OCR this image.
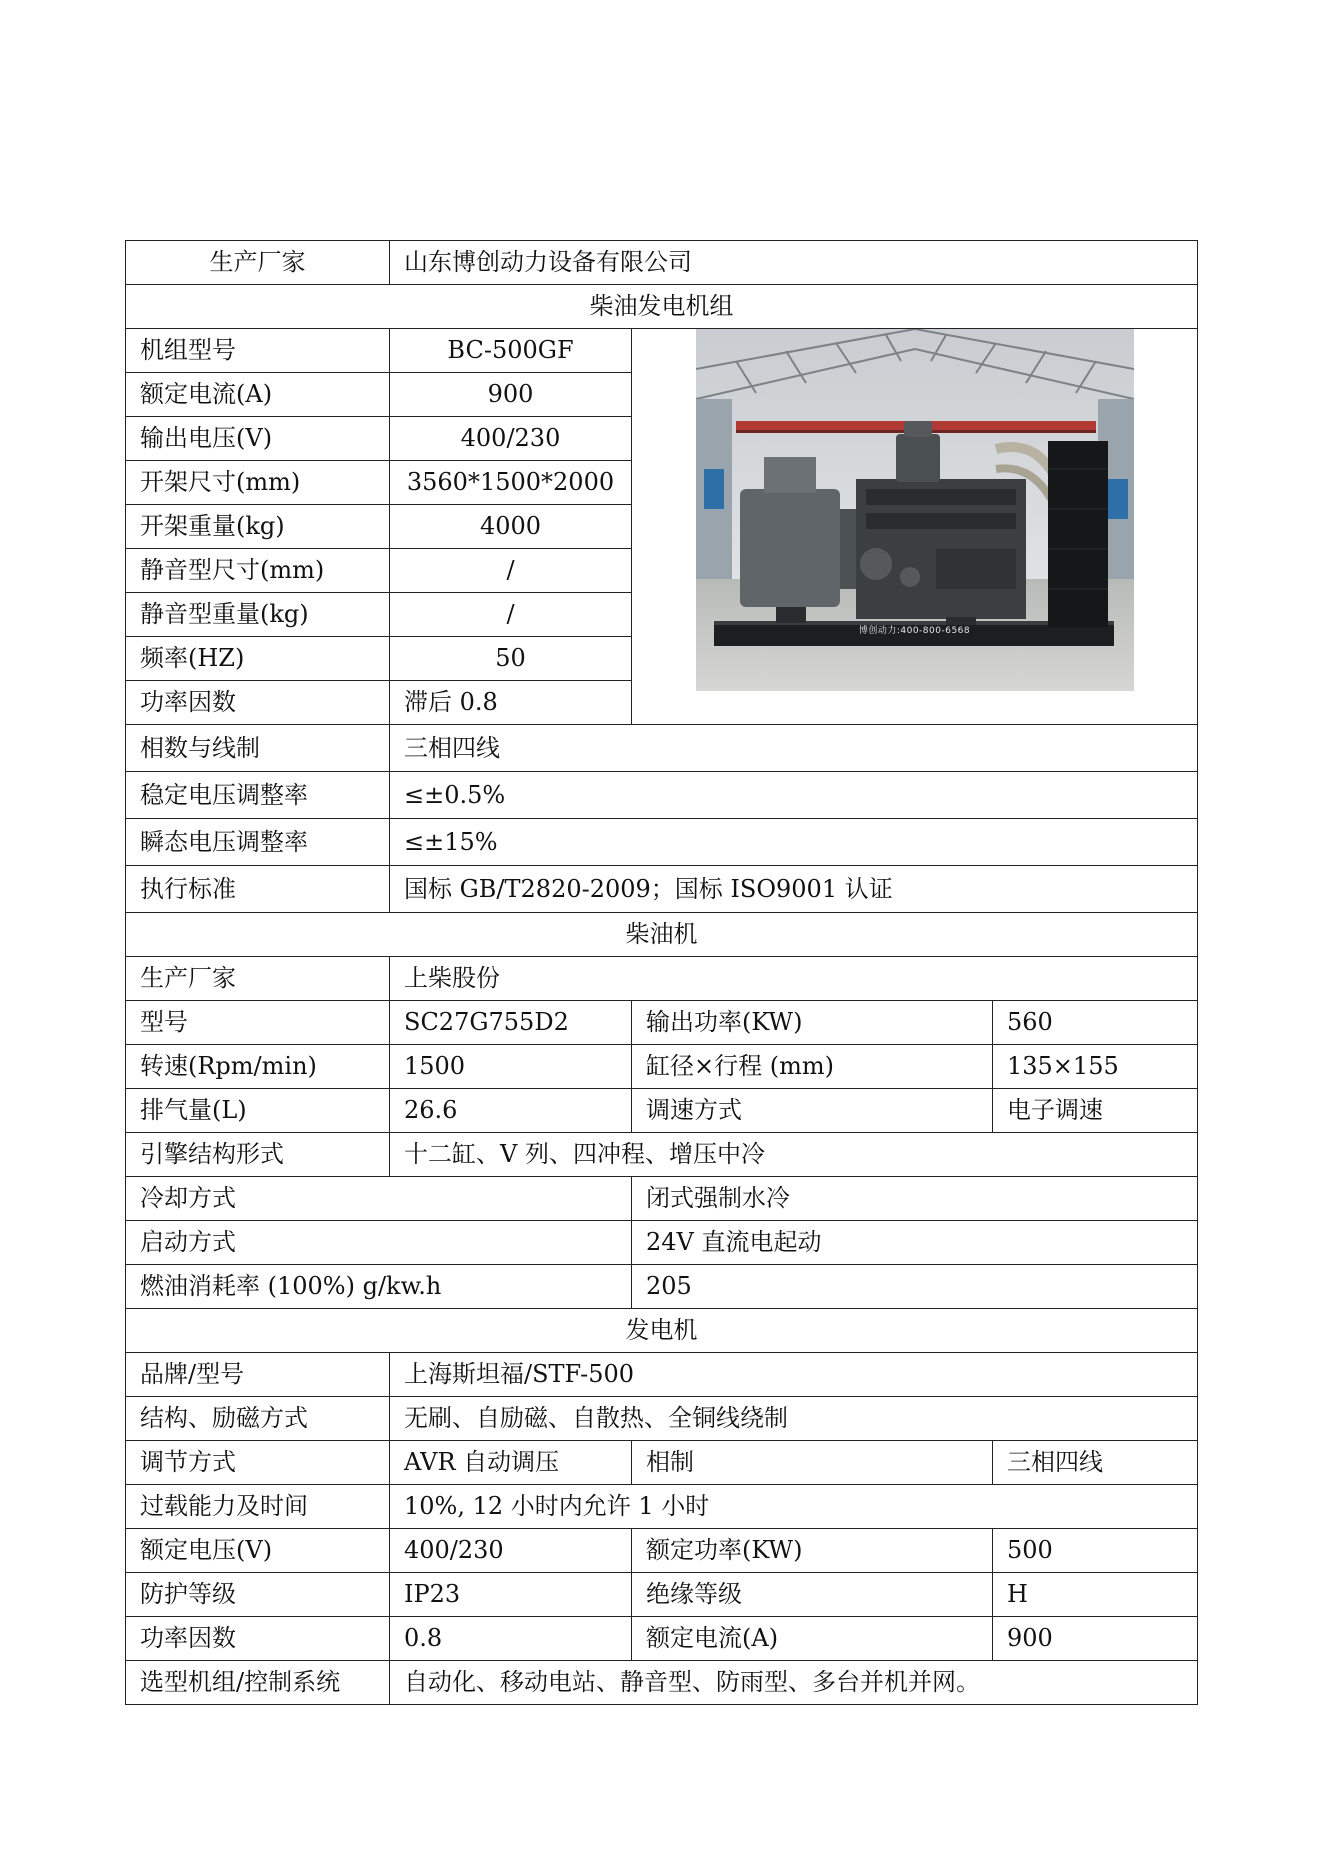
生产厂家	山东博创动力设备有限公司		
柴油发电机组			
机组型号	BC-500GF	博创动力:400-800-6568	

额定电流(A)	900		
输出电压(V)	400/230		
开架尺寸(mm)	3560*1500*2000		
开架重量(kg)	4000		
静音型尺寸(mm)	/		
静音型重量(kg)	/		
频率(HZ)	50		
功率因数	滞后 0.8		
相数与线制	三相四线		
稳定电压调整率	≤±0.5%		
瞬态电压调整率	≤±15%		
执行标准	国标 GB/T2820-2009；国标 ISO9001 认证		
柴油机			
生产厂家	上柴股份		
型号	SC27G755D2	输出功率(KW)	560
转速(Rpm/min)	1500	缸径×行程 (mm)	135×155
排气量(L)	26.6	调速方式	电子调速
引擎结构形式	十二缸、V 列、四冲程、增压中冷		
冷却方式		闭式强制水冷	
启动方式		24V 直流电起动	
燃油消耗率 (100%) g/kw.h		205	
发电机			
品牌/型号	上海斯坦福/STF-500		
结构、励磁方式	无刷、自励磁、自散热、全铜线绕制		
调节方式	AVR 自动调压	相制	三相四线
过载能力及时间	10%, 12 小时内允许 1 小时		
额定电压(V)	400/230	额定功率(KW)	500
防护等级	IP23	绝缘等级	H
功率因数	0.8	额定电流(A)	900
选型机组/控制系统	自动化、移动电站、静音型、防雨型、多台并机并网。		
